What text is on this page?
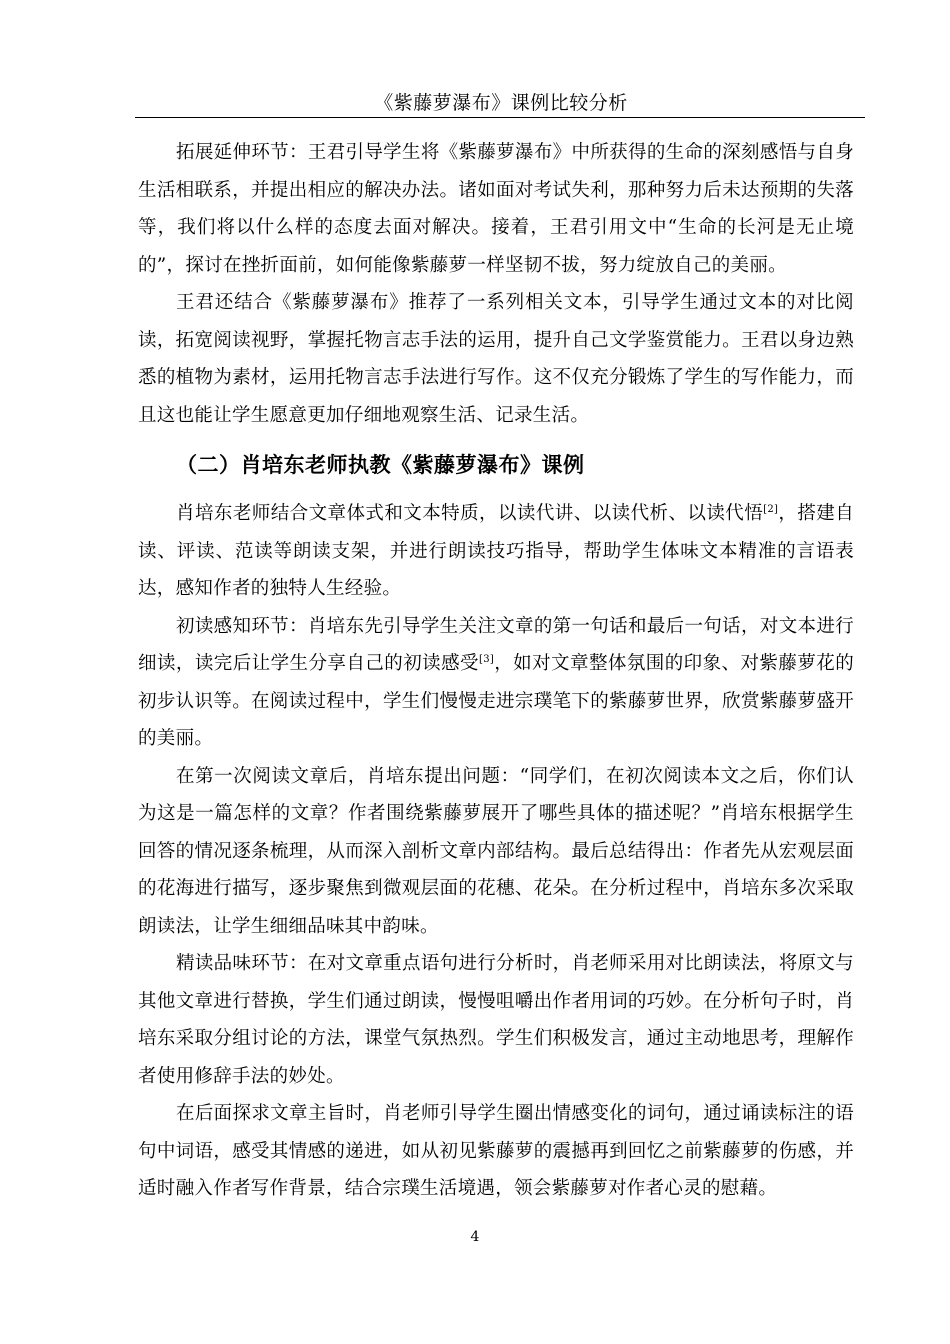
《紫藤萝瀑布》课例比较分析

拓展延伸环节：王君引导学生将《紫藤萝瀑布》中所获得的生命的深刻感悟与自身生活相联系，并提出相应的解决办法。诸如面对考试失利，那种努力后未达预期的失落等，我们将以什么样的态度去面对解决。接着，王君引用文中“生命的长河是无止境的”，探讨在挫折面前，如何能像紫藤萝一样坚韧不拔，努力绽放自己的美丽。

王君还结合《紫藤萝瀑布》推荐了一系列相关文本，引导学生通过文本的对比阅读，拓宽阅读视野，掌握托物言志手法的运用，提升自己文学鉴赏能力。王君以身边熟悉的植物为素材，运用托物言志手法进行写作。这不仅充分锻炼了学生的写作能力，而且这也能让学生愿意更加仔细地观察生活、记录生活。

（二）肖培东老师执教《紫藤萝瀑布》课例

肖培东老师结合文章体式和文本特质，以读代讲、以读代析、以读代悟[2]，搭建自读、评读、范读等朗读支架，并进行朗读技巧指导，帮助学生体味文本精准的言语表达，感知作者的独特人生经验。

初读感知环节：肖培东先引导学生关注文章的第一句话和最后一句话，对文本进行细读，读完后让学生分享自己的初读感受[3]，如对文章整体氛围的印象、对紫藤萝花的初步认识等。在阅读过程中，学生们慢慢走进宗璞笔下的紫藤萝世界，欣赏紫藤萝盛开的美丽。

在第一次阅读文章后，肖培东提出问题：“同学们，在初次阅读本文之后，你们认为这是一篇怎样的文章？作者围绕紫藤萝展开了哪些具体的描述呢？”肖培东根据学生回答的情况逐条梳理，从而深入剖析文章内部结构。最后总结得出：作者先从宏观层面的花海进行描写，逐步聚焦到微观层面的花穗、花朵。在分析过程中，肖培东多次采取朗读法，让学生细细品味其中韵味。

精读品味环节：在对文章重点语句进行分析时，肖老师采用对比朗读法，将原文与其他文章进行替换，学生们通过朗读，慢慢咀嚼出作者用词的巧妙。在分析句子时，肖培东采取分组讨论的方法，课堂气氛热烈。学生们积极发言，通过主动地思考，理解作者使用修辞手法的妙处。

在后面探求文章主旨时，肖老师引导学生圈出情感变化的词句，通过诵读标注的语句中词语，感受其情感的递进，如从初见紫藤萝的震撼再到回忆之前紫藤萝的伤感，并适时融入作者写作背景，结合宗璞生活境遇，领会紫藤萝对作者心灵的慰藉。

4
